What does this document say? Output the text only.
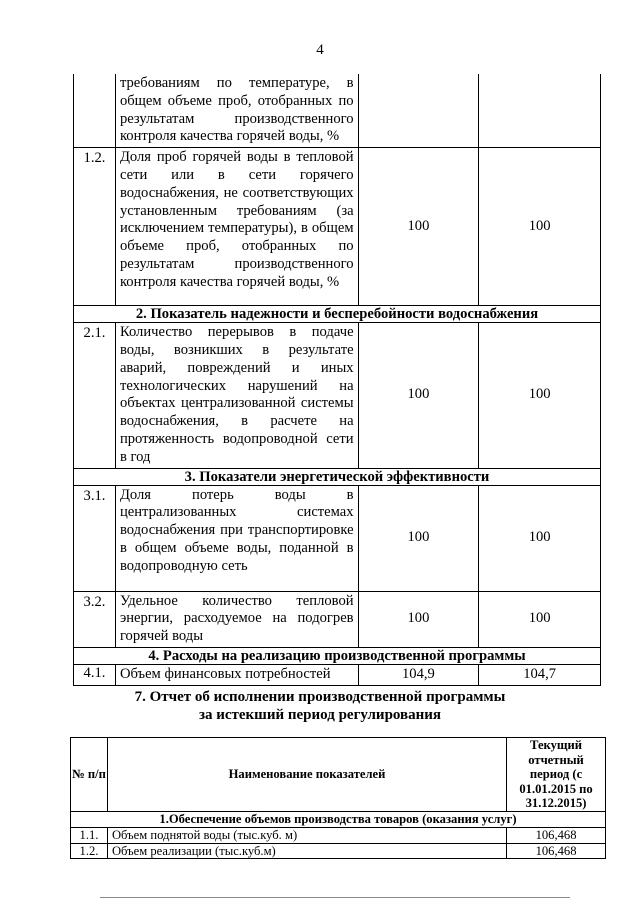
4
	требованиям по температуре, в общем объеме проб, отобранных по результатам производственного контроля качества горячей воды, %		
1.2.	Доля проб горячей воды в тепловой сети или в сети горячего водоснабжения, не соответствующих установленным требованиям (за исключением температуры), в общем объеме проб, отобранных по результатам производственного контроля качества горячей воды, %	100	100
2. Показатель надежности и бесперебойности водоснабжения			
2.1.	Количество перерывов в подаче воды, возникших в результате аварий, повреждений и иных технологических нарушений на объектах централизованной системы водоснабжения, в расчете на протяженность водопроводной сети в год	100	100
3. Показатели энергетической эффективности			
3.1.	Доля потерь воды в централизованных системах водоснабжения при транспортировке в общем объеме воды, поданной в водопроводную сеть	100	100
3.2.	Удельное количество тепловой энергии, расходуемое на подогрев горячей воды	100	100
4. Расходы на реализацию производственной программы			
4.1.	Объем финансовых потребностей	104,9	104,7
7. Отчет об исполнении производственной программы
за истекший период регулирования
№ п/п	Наименование показателей	Текущий отчетный период (с 01.01.2015 по 31.12.2015)
1.Обеспечение объемов производства товаров (оказания услуг)		
1.1.	Объем поднятой воды (тыс.куб. м)	106,468
1.2.	Объем реализации (тыс.куб.м)	106,468
